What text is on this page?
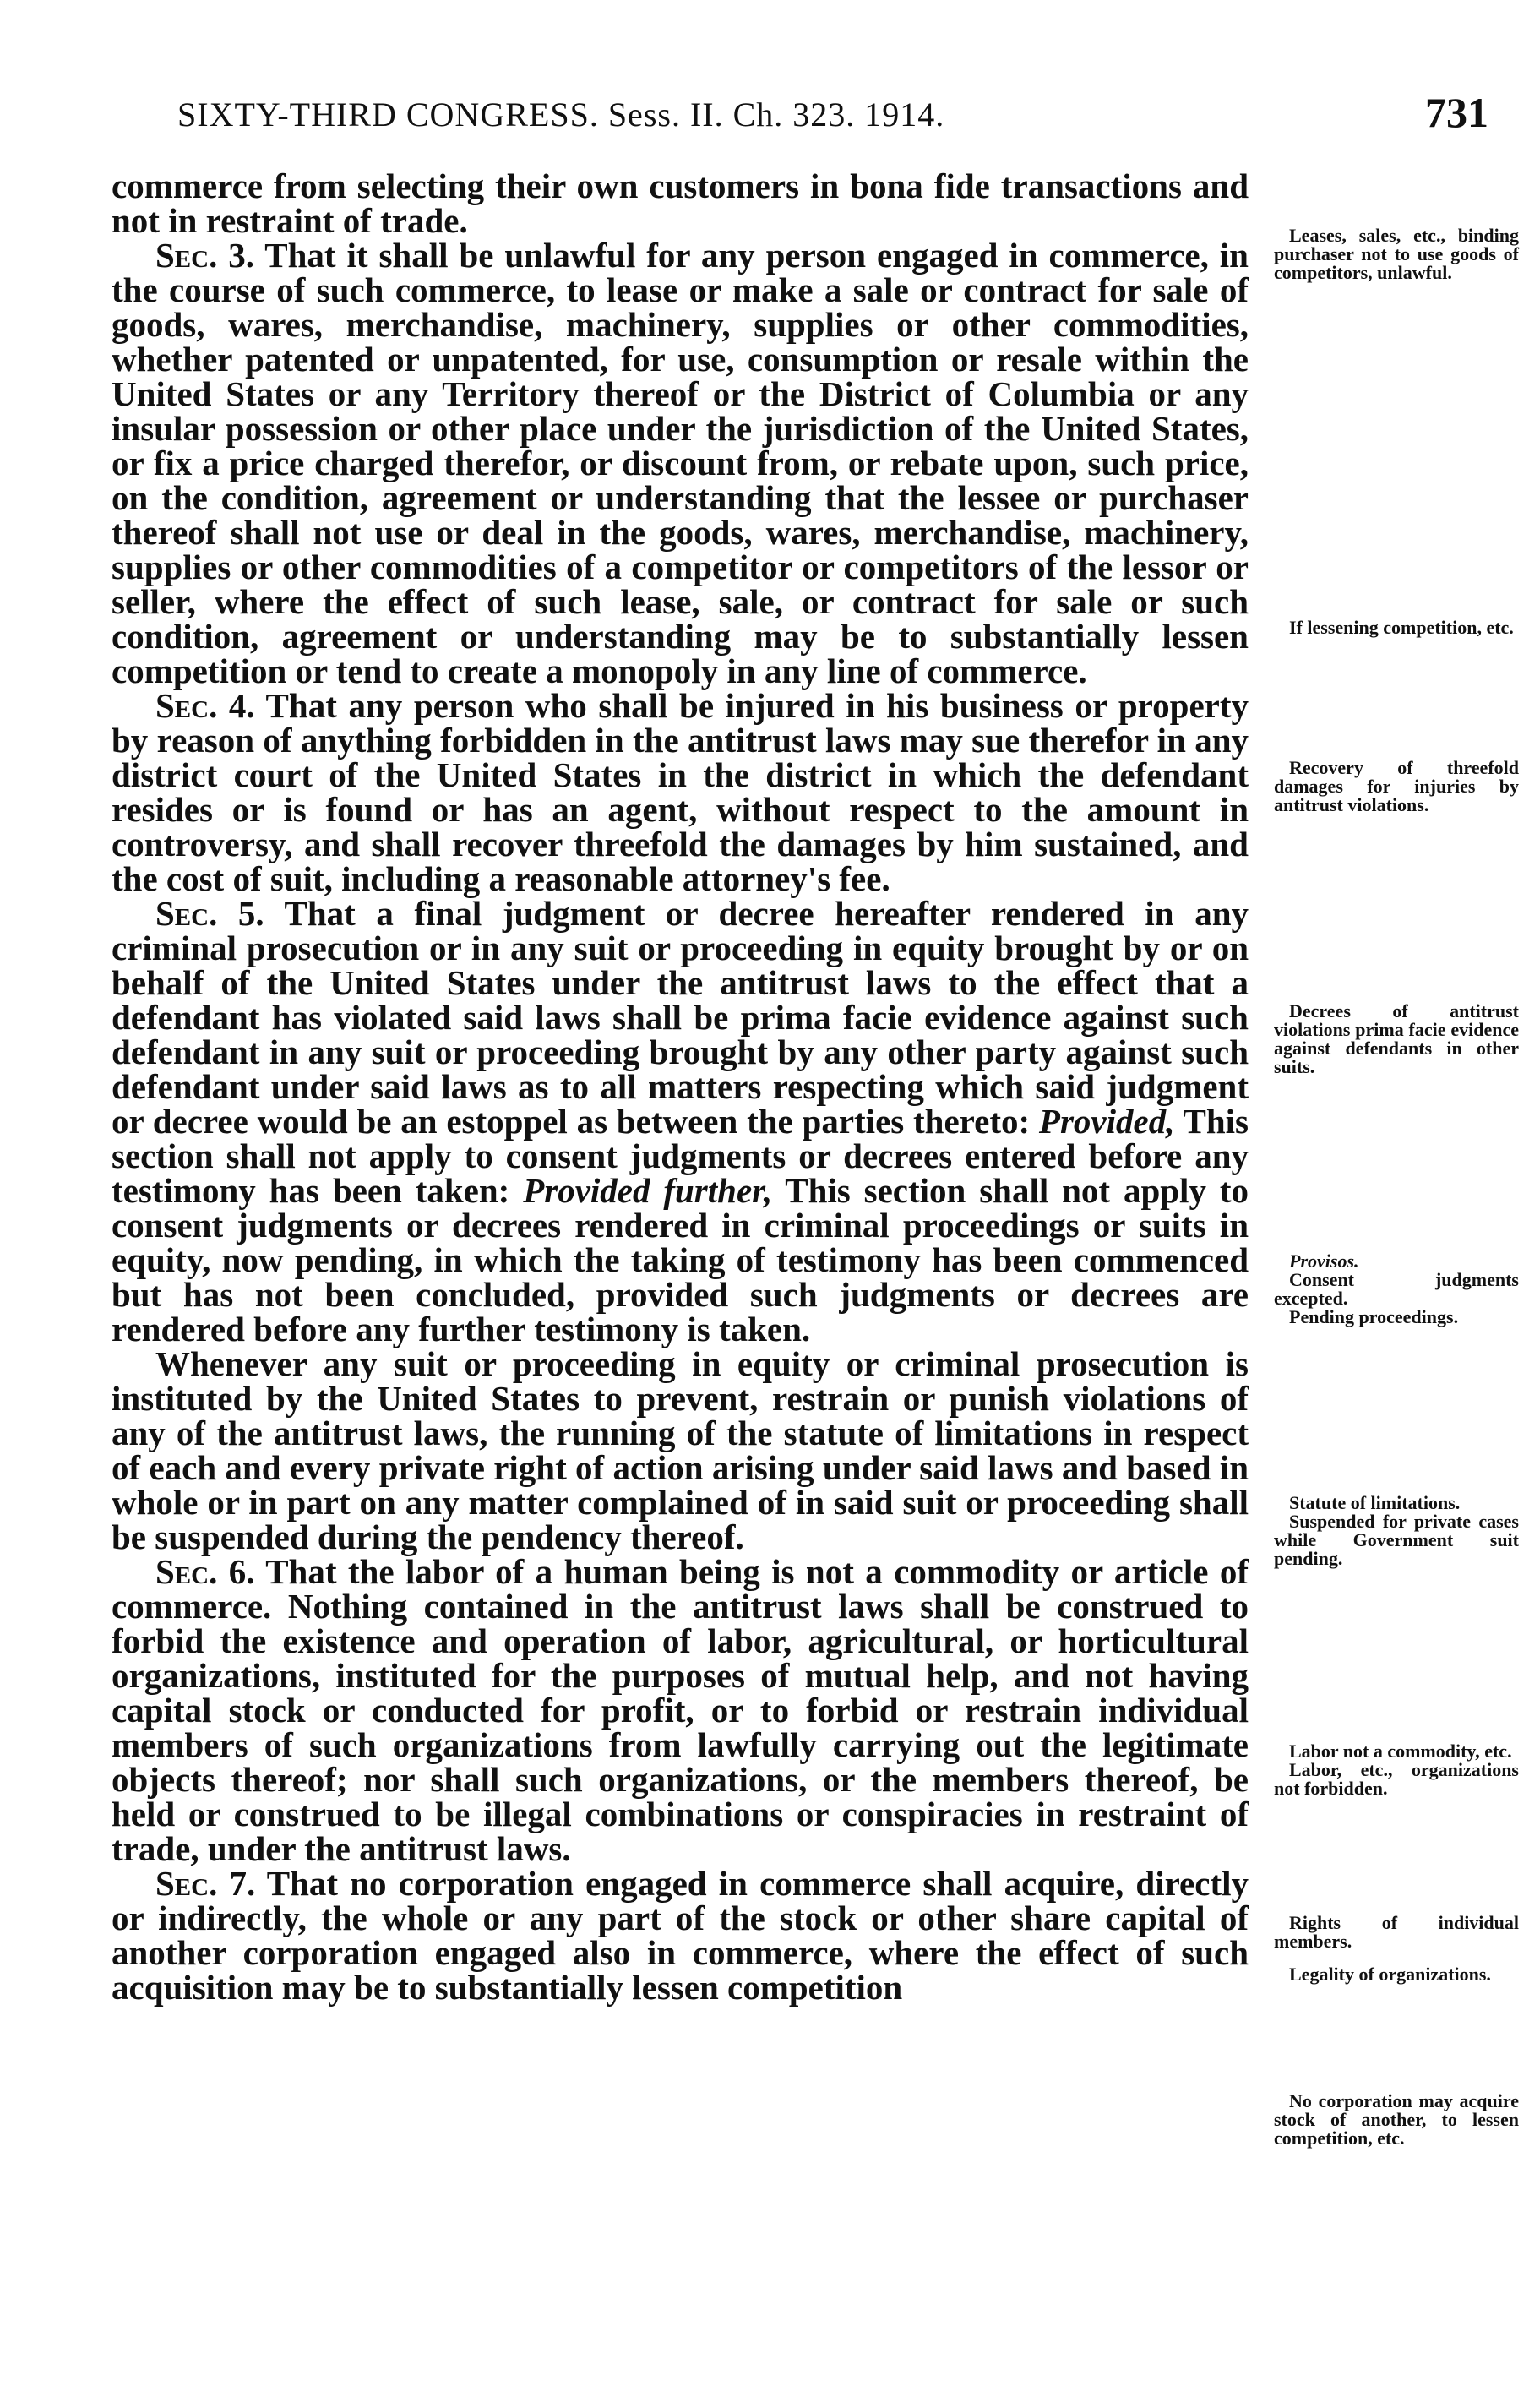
SIXTY-THIRD CONGRESS. Sess. II. Ch. 323. 1914.	731

commerce from selecting their own customers in bona fide transactions and not in restraint of trade.

Sec. 3. That it shall be unlawful for any person engaged in commerce, in the course of such commerce, to lease or make a sale or contract for sale of goods, wares, merchandise, machinery, supplies or other commodities, whether patented or unpatented, for use, consumption or resale within the United States or any Territory thereof or the District of Columbia or any insular possession or other place under the jurisdiction of the United States, or fix a price charged therefor, or discount from, or rebate upon, such price, on the condition, agreement or understanding that the lessee or purchaser thereof shall not use or deal in the goods, wares, merchandise, machinery, supplies or other commodities of a competitor or competitors of the lessor or seller, where the effect of such lease, sale, or contract for sale or such condition, agreement or understanding may be to substantially lessen competition or tend to create a monopoly in any line of commerce.

Sec. 4. That any person who shall be injured in his business or property by reason of anything forbidden in the antitrust laws may sue therefor in any district court of the United States in the district in which the defendant resides or is found or has an agent, without respect to the amount in controversy, and shall recover threefold the damages by him sustained, and the cost of suit, including a reasonable attorney's fee.

Sec. 5. That a final judgment or decree hereafter rendered in any criminal prosecution or in any suit or proceeding in equity brought by or on behalf of the United States under the antitrust laws to the effect that a defendant has violated said laws shall be prima facie evidence against such defendant in any suit or proceeding brought by any other party against such defendant under said laws as to all matters respecting which said judgment or decree would be an estoppel as between the parties thereto: Provided, This section shall not apply to consent judgments or decrees entered before any testimony has been taken: Provided further, This section shall not apply to consent judgments or decrees rendered in criminal proceedings or suits in equity, now pending, in which the taking of testimony has been commenced but has not been concluded, provided such judgments or decrees are rendered before any further testimony is taken.

Whenever any suit or proceeding in equity or criminal prosecution is instituted by the United States to prevent, restrain or punish violations of any of the antitrust laws, the running of the statute of limitations in respect of each and every private right of action arising under said laws and based in whole or in part on any matter complained of in said suit or proceeding shall be suspended during the pendency thereof.

Sec. 6. That the labor of a human being is not a commodity or article of commerce. Nothing contained in the antitrust laws shall be construed to forbid the existence and operation of labor, agricultural, or horticultural organizations, instituted for the purposes of mutual help, and not having capital stock or conducted for profit, or to forbid or restrain individual members of such organizations from lawfully carrying out the legitimate objects thereof; nor shall such organizations, or the members thereof, be held or construed to be illegal combinations or conspiracies in restraint of trade, under the antitrust laws.

Sec. 7. That no corporation engaged in commerce shall acquire, directly or indirectly, the whole or any part of the stock or other share capital of another corporation engaged also in commerce, where the effect of such acquisition may be to substantially lessen competition

Leases, sales, etc., binding purchaser not to use goods of competitors, unlawful.
If lessening competition, etc.
Recovery of threefold damages for injuries by antitrust violations.
Decrees of antitrust violations prima facie evidence against defendants in other suits.
Provisos.
Consent judgments excepted.
Pending proceedings.
Statute of limitations.
Suspended for private cases while Government suit pending.
Labor not a commodity, etc.
Labor, etc., organizations not forbidden.
Rights of individual members.
Legality of organizations.
No corporation may acquire stock of another, to lessen competition, etc.
